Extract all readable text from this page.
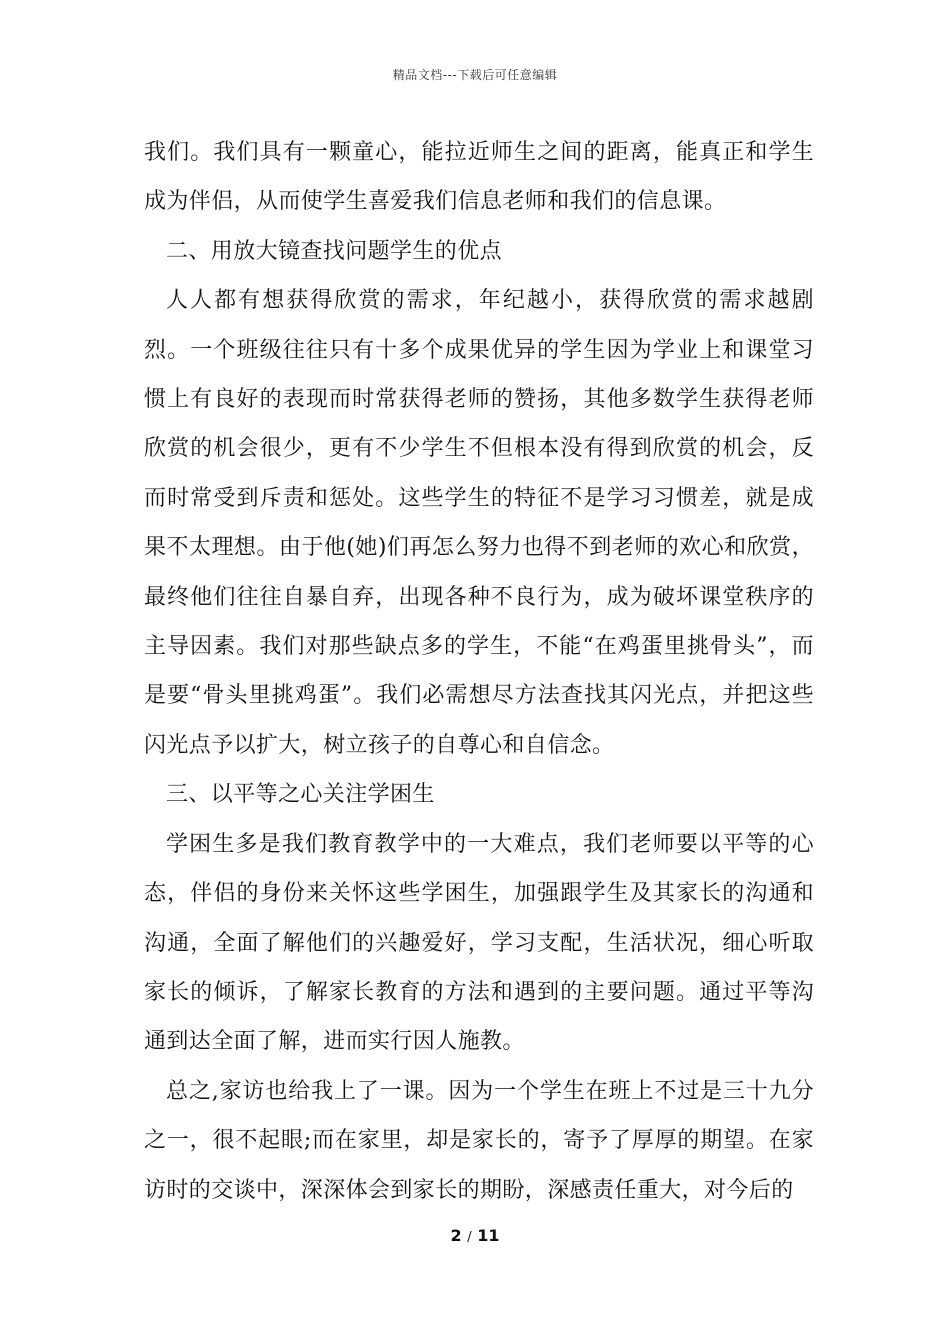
精品文档---下载后可任意编辑

我们。我们具有一颗童心，能拉近师生之间的距离，能真正和学生成为伴侣，从而使学生喜爱我们信息老师和我们的信息课。

二、用放大镜查找问题学生的优点

人人都有想获得欣赏的需求，年纪越小，获得欣赏的需求越剧烈。一个班级往往只有十多个成果优异的学生因为学业上和课堂习惯上有良好的表现而时常获得老师的赞扬，其他多数学生获得老师欣赏的机会很少，更有不少学生不但根本没有得到欣赏的机会，反而时常受到斥责和惩处。这些学生的特征不是学习习惯差，就是成果不太理想。由于他(她)们再怎么努力也得不到老师的欢心和欣赏，最终他们往往自暴自弃，出现各种不良行为，成为破坏课堂秩序的主导因素。我们对那些缺点多的学生，不能“在鸡蛋里挑骨头”，而是要“骨头里挑鸡蛋”。我们必需想尽方法查找其闪光点，并把这些闪光点予以扩大，树立孩子的自尊心和自信念。

三、以平等之心关注学困生

学困生多是我们教育教学中的一大难点，我们老师要以平等的心态，伴侣的身份来关怀这些学困生，加强跟学生及其家长的沟通和沟通，全面了解他们的兴趣爱好，学习支配，生活状况，细心听取家长的倾诉，了解家长教育的方法和遇到的主要问题。通过平等沟通到达全面了解，进而实行因人施教。

总之,家访也给我上了一课。因为一个学生在班上不过是三十九分之一，很不起眼;而在家里，却是家长的，寄予了厚厚的期望。在家访时的交谈中，深深体会到家长的期盼，深感责任重大，对今后的

2 / 11
